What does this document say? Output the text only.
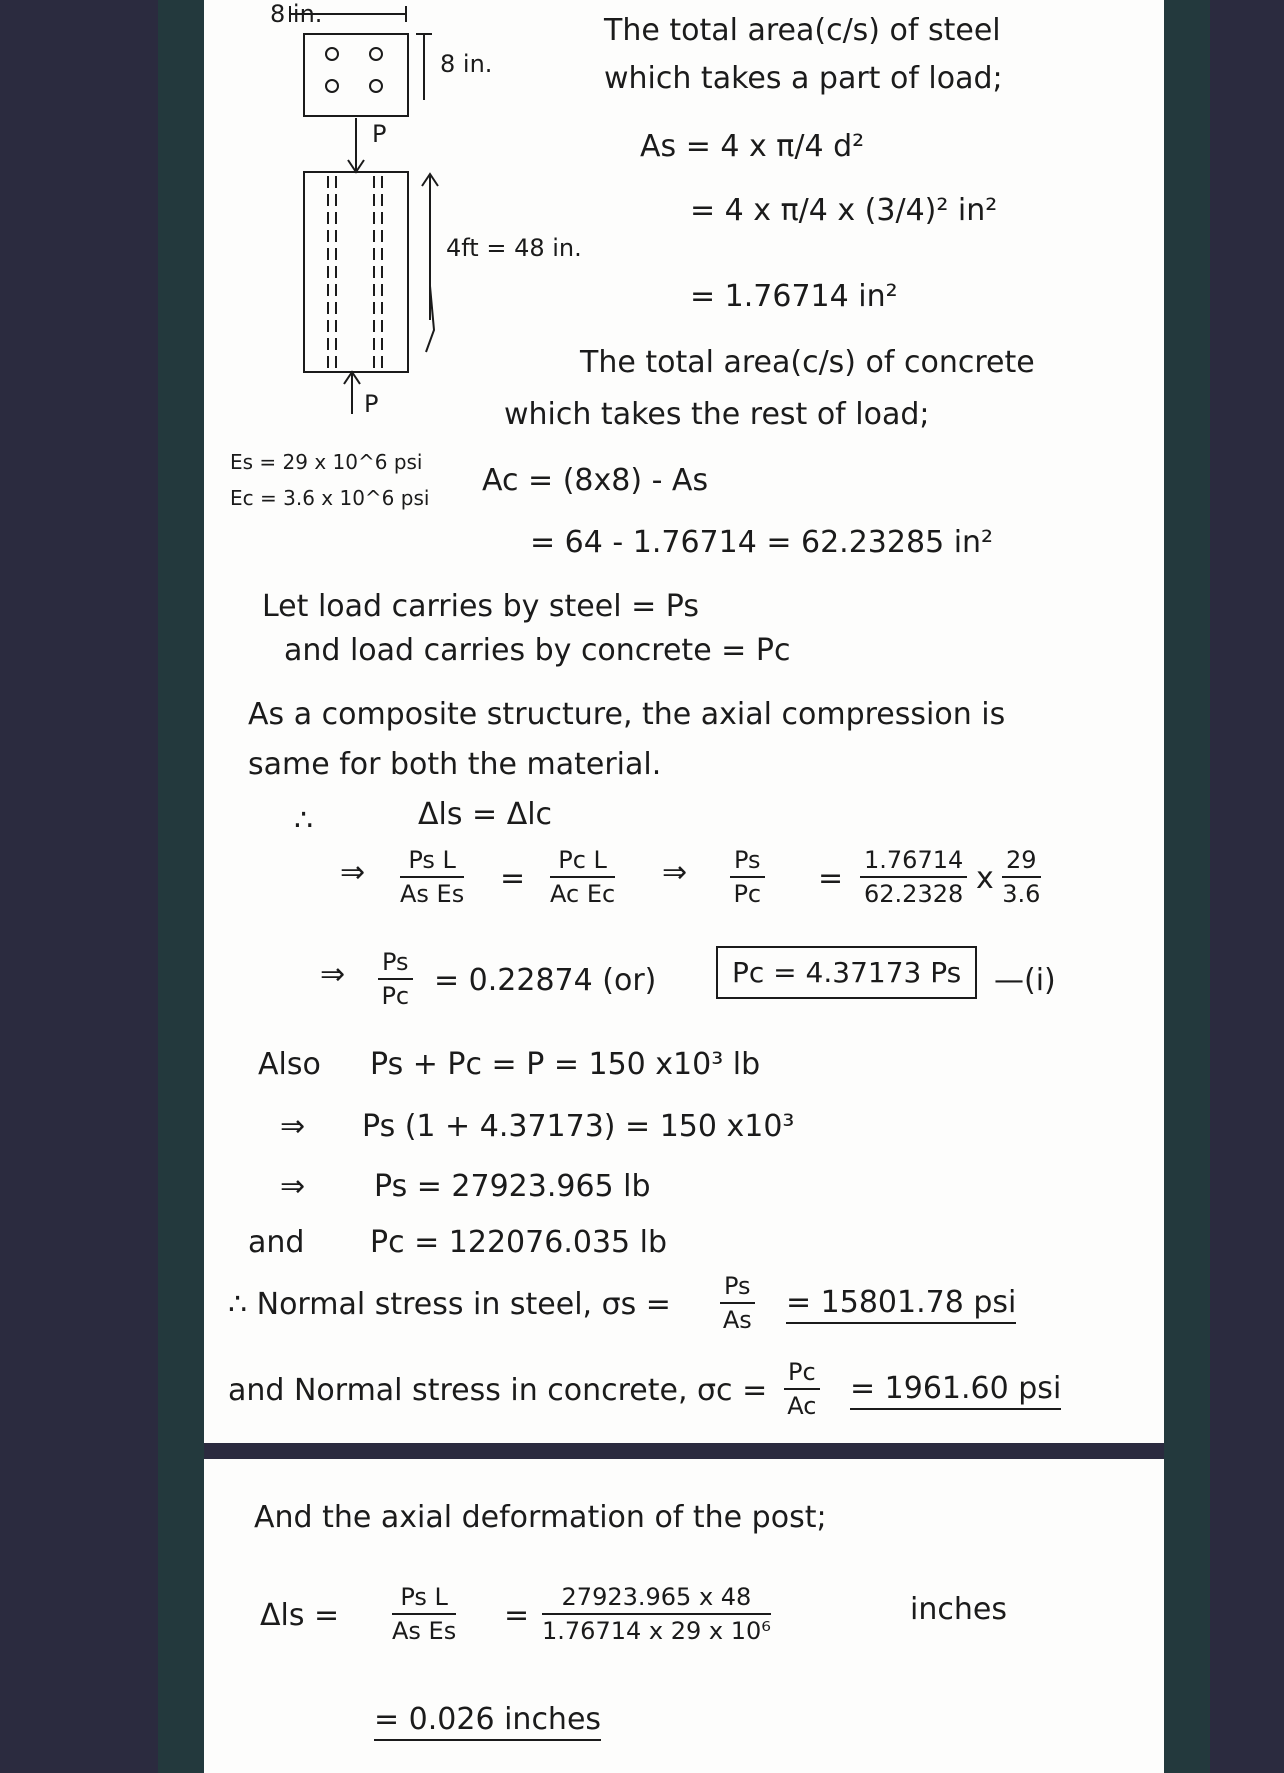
8 in.
8 in.
P
4ft = 48 in.
P
Es = 29 x 10^6 psi
Ec = 3.6 x 10^6 psi
The total area(c/s) of steel
which takes a part of load;
As = 4 x π/4 d²
= 4 x π/4 x (3/4)² in²
= 1.76714 in²
The total area(c/s) of concrete
which takes the rest of load;
Ac = (8x8) - As
= 64 - 1.76714 = 62.23285 in²
Let load carries by steel = Ps
and load carries by concrete = Pc
As a composite structure, the axial compression is
same for both the material.
∴	Δls = Δlc
⇒ $\frac{\text{Ps L}}{\text{As Es}} = \frac{\text{Pc L}}{\text{Ac Ec}}$ ⇒ $\frac{Ps}{Pc} = \frac{1.76714}{62.2328}$ x $\frac{29}{3.6}$
⇒ $\frac{Ps}{Pc} = 0.22874$ (or)	Pc = 4.37173 Ps	—(i)
Also Ps + Pc = P = 150 x10³ lb
⇒ Ps (1 + 4.37173) = 150 x10³
⇒ Ps = 27923.965 lb
and Pc = 122076.035 lb
∴ Normal stress in steel, $\sigma s = \frac{Ps}{As} = 15801.78$ psi
and Normal stress in concrete, $\sigma c = \frac{Pc}{Ac} = 1961.60$ psi
And the axial deformation of the post;
$\Delta ls = \frac{\text{Ps L}}{\text{As Es}} = \frac{27923.965 x 48}{\text{1.76714 x 29 x 10⁶}}$	inches
= 0.026 inches
